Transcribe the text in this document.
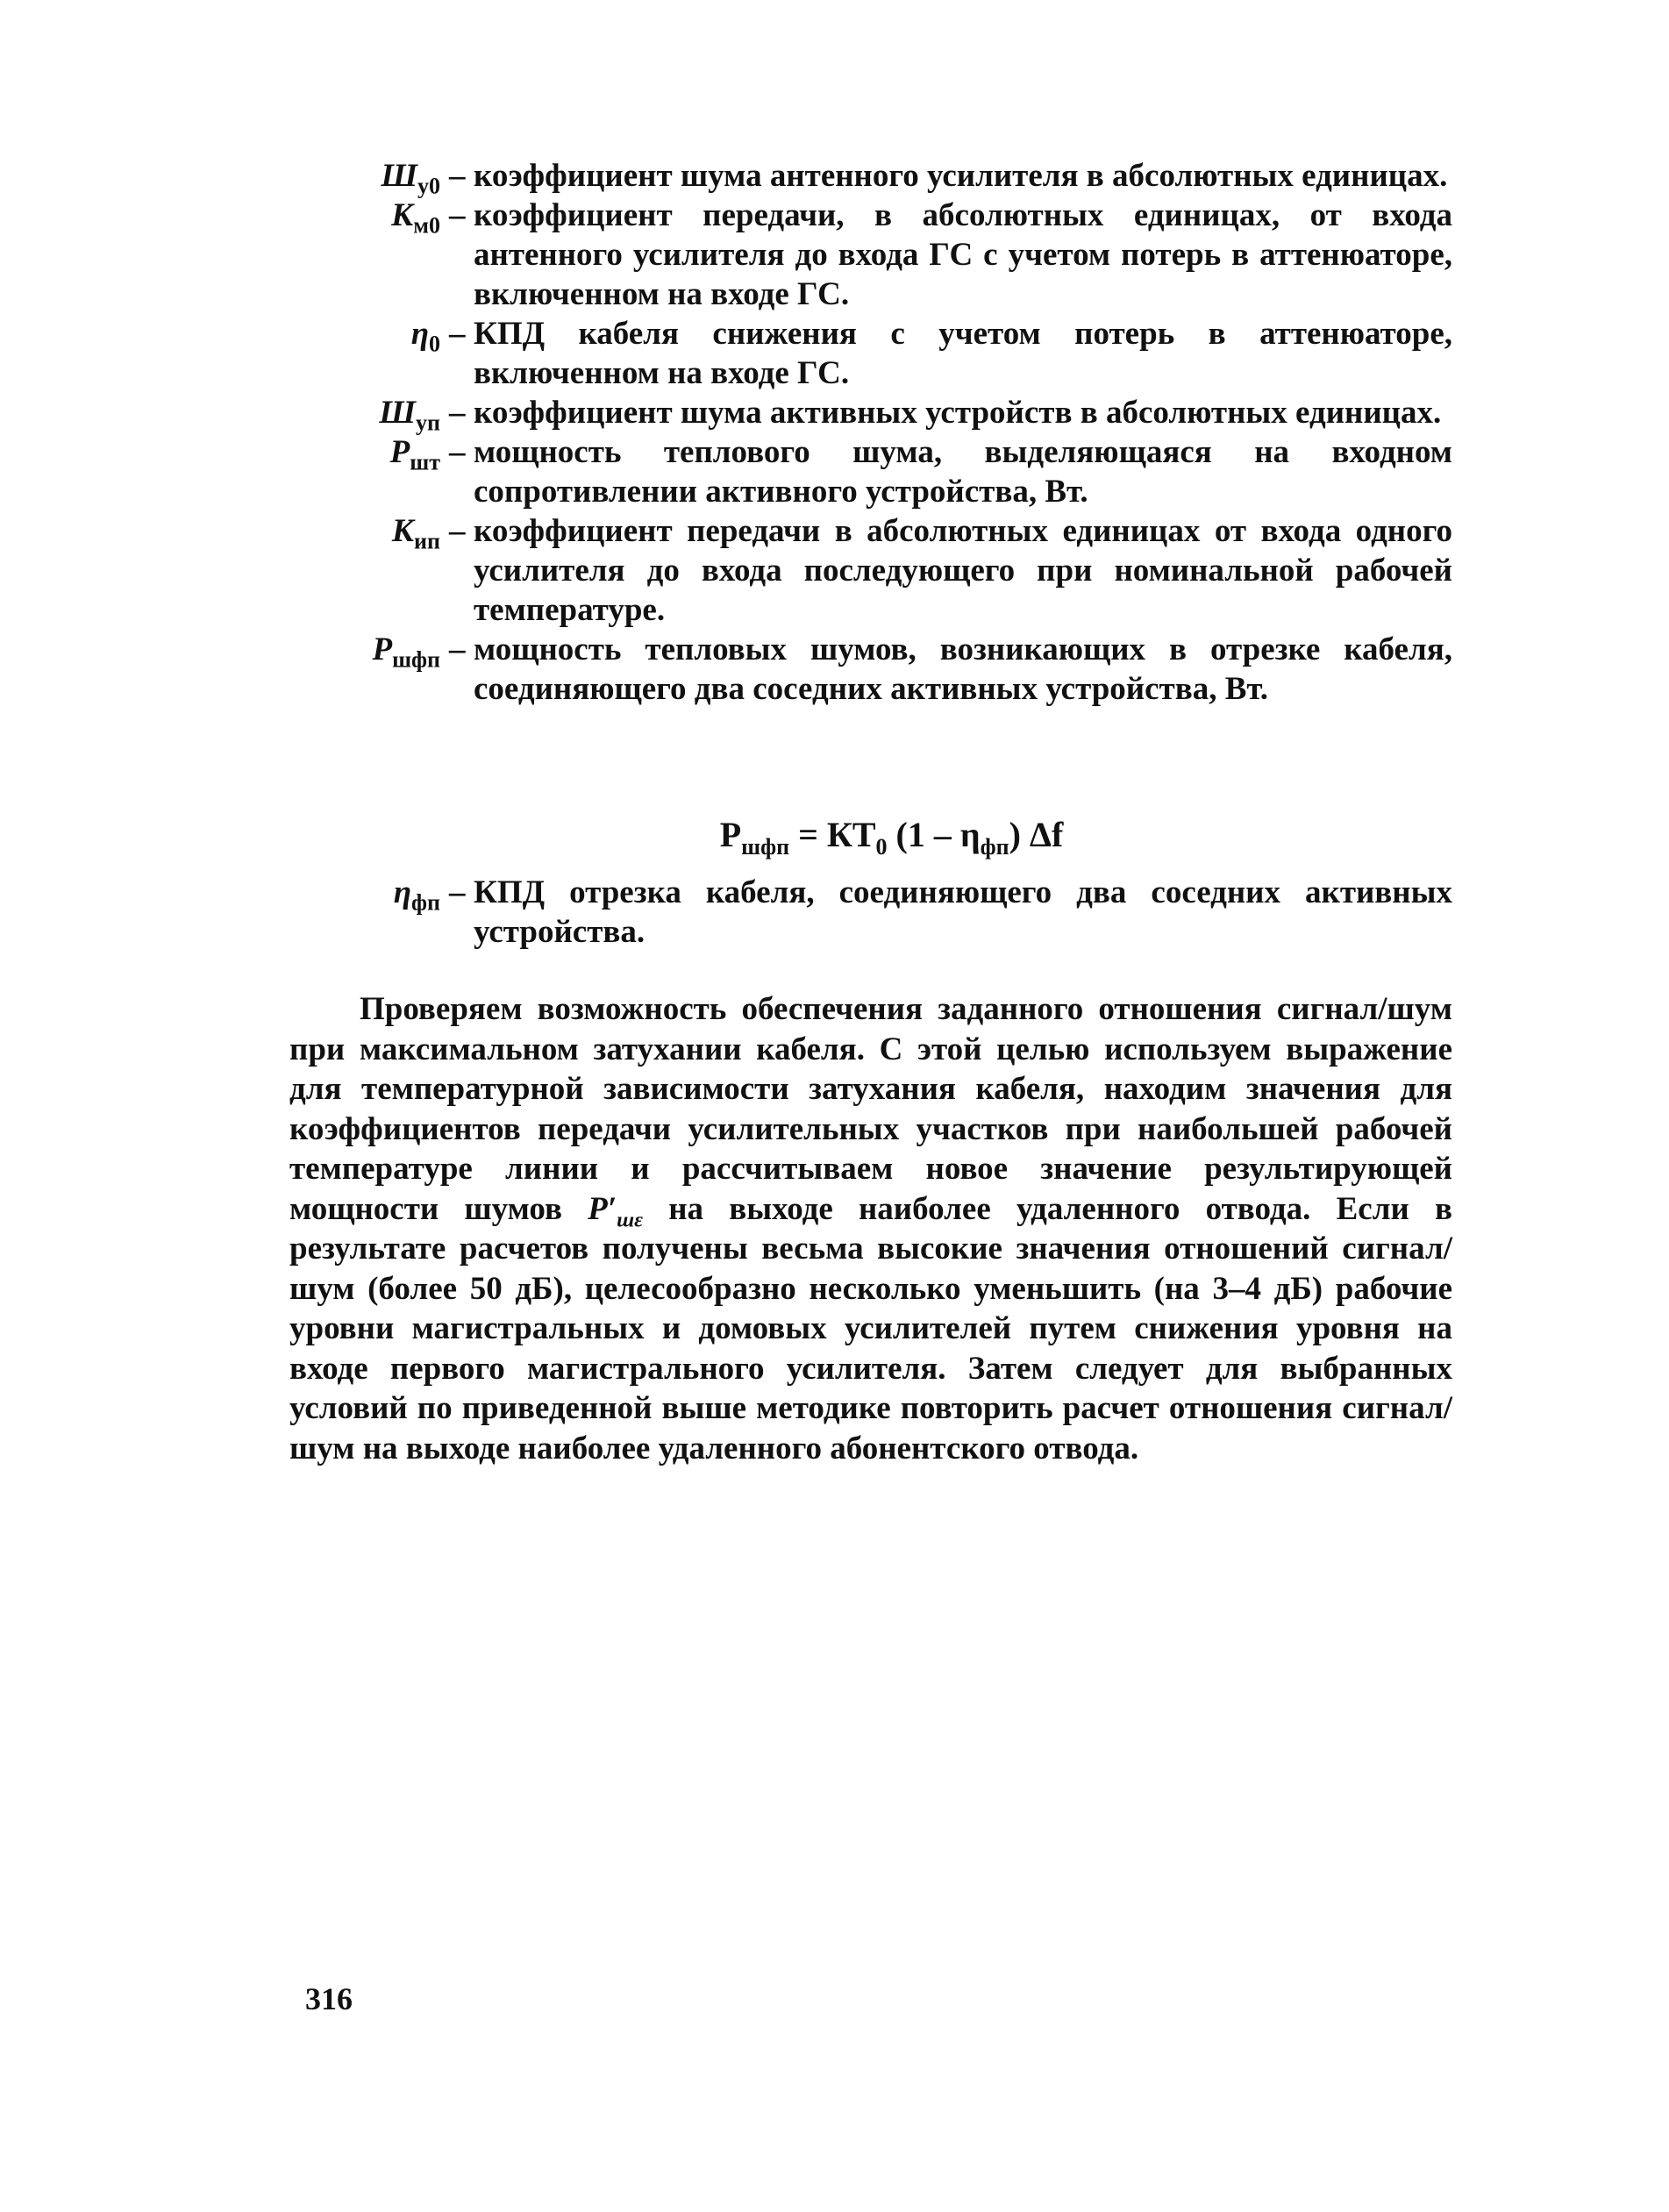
$Ш_{у0}$ – коэффициент шума антенного усилителя в абсолютных единицах.
$К_{м0}$ – коэффициент передачи, в абсолютных единицах, от входа антенного усилителя до входа ГС с учетом потерь в аттенюаторе, включенном на входе ГС.
$\eta_0$ – КПД кабеля снижения с учетом потерь в аттенюаторе, включенном на входе ГС.
$Ш_{уп}$ – коэффициент шума активных устройств в абсолютных единицах.
$Р_{шт}$ – мощность теплового шума, выделяющаяся на входном сопротивлении активного устройства, Вт.
$К_{ип}$ – коэффициент передачи в абсолютных единицах от входа одного усилителя до входа последующего при номинальной рабочей температуре.
$Р_{шфп}$ – мощность тепловых шумов, возникающих в отрезке кабеля, соединяющего два соседних активных устройства, Вт.
$Р_{шфп} = КТ_0$ $(1 - \eta_{фп})$ Δf
$\eta_{фп}$ – КПД отрезка кабеля, соединяющего два соседних активных устройства.
Проверяем возможность обеспечения заданного отношения сигнал/шум при максимальном затухании кабеля. С этой целью используем выражение для температурной зависимости затухания кабеля, находим значения для коэффициентов передачи усилительных участков при наибольшей рабочей температуре линии и рассчитываем новое значение результирующей мощности шумов $Р'_{ш\varepsilon}$ на выходе наиболее удаленного отвода. Если в результате расчетов получены весьма высокие значения отношений сигнал/шум (более 50 дБ), целесообразно несколько уменьшить (на 3–4 дБ) рабочие уровни магистральных и домовых усилителей путем снижения уровня на входе первого магистрального усилителя. Затем следует для выбранных условий по приведенной выше методике повторить расчет отношения сигнал/шум на выходе наиболее удаленного абонентского отвода.
316
